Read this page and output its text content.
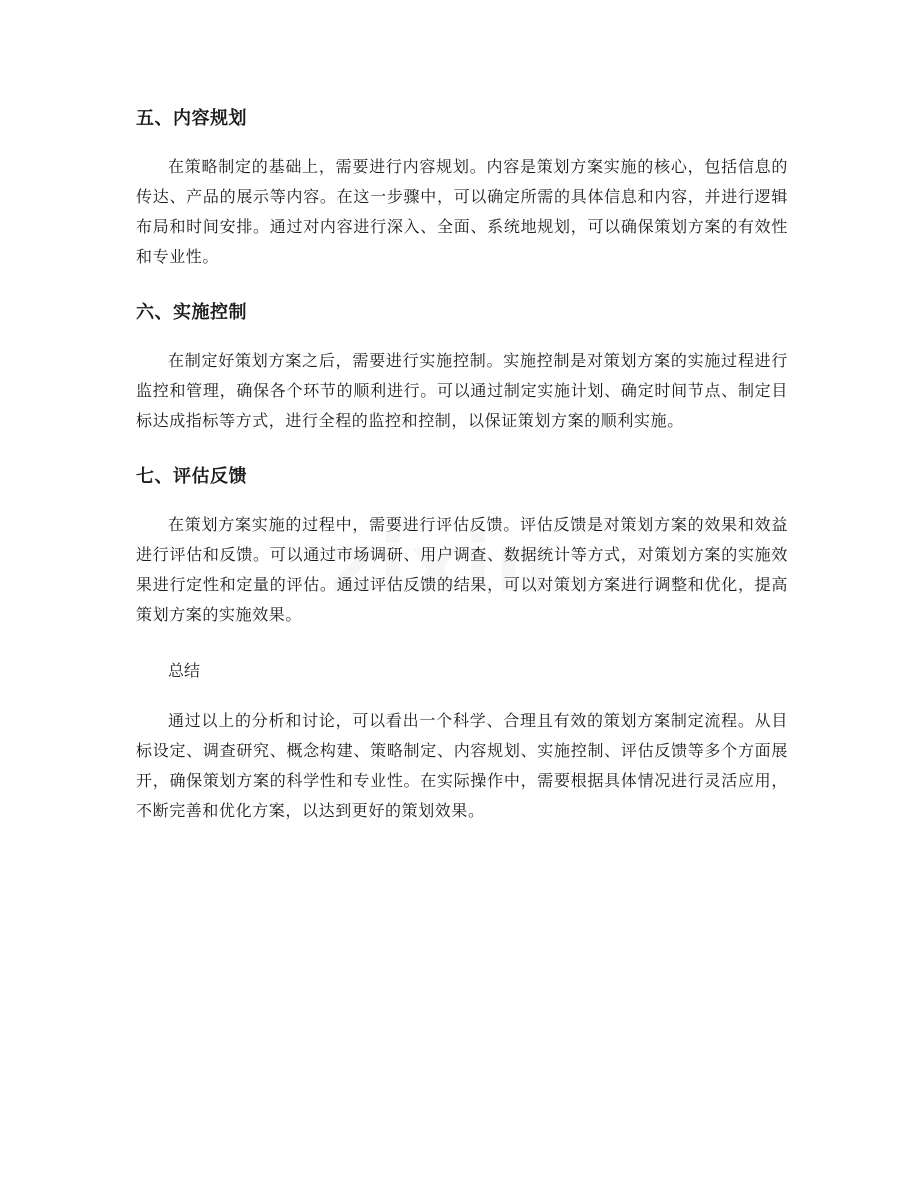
五、内容规划

在策略制定的基础上，需要进行内容规划。内容是策划方案实施的核心，包括信息的传达、产品的展示等内容。在这一步骤中，可以确定所需的具体信息和内容，并进行逻辑布局和时间安排。通过对内容进行深入、全面、系统地规划，可以确保策划方案的有效性和专业性。

六、实施控制

在制定好策划方案之后，需要进行实施控制。实施控制是对策划方案的实施过程进行监控和管理，确保各个环节的顺利进行。可以通过制定实施计划、确定时间节点、制定目标达成指标等方式，进行全程的监控和控制，以保证策划方案的顺利实施。

七、评估反馈

在策划方案实施的过程中，需要进行评估反馈。评估反馈是对策划方案的效果和效益进行评估和反馈。可以通过市场调研、用户调查、数据统计等方式，对策划方案的实施效果进行定性和定量的评估。通过评估反馈的结果，可以对策划方案进行调整和优化，提高策划方案的实施效果。

总结

通过以上的分析和讨论，可以看出一个科学、合理且有效的策划方案制定流程。从目标设定、调查研究、概念构建、策略制定、内容规划、实施控制、评估反馈等多个方面展开，确保策划方案的科学性和专业性。在实际操作中，需要根据具体情况进行灵活应用，不断完善和优化方案，以达到更好的策划效果。
